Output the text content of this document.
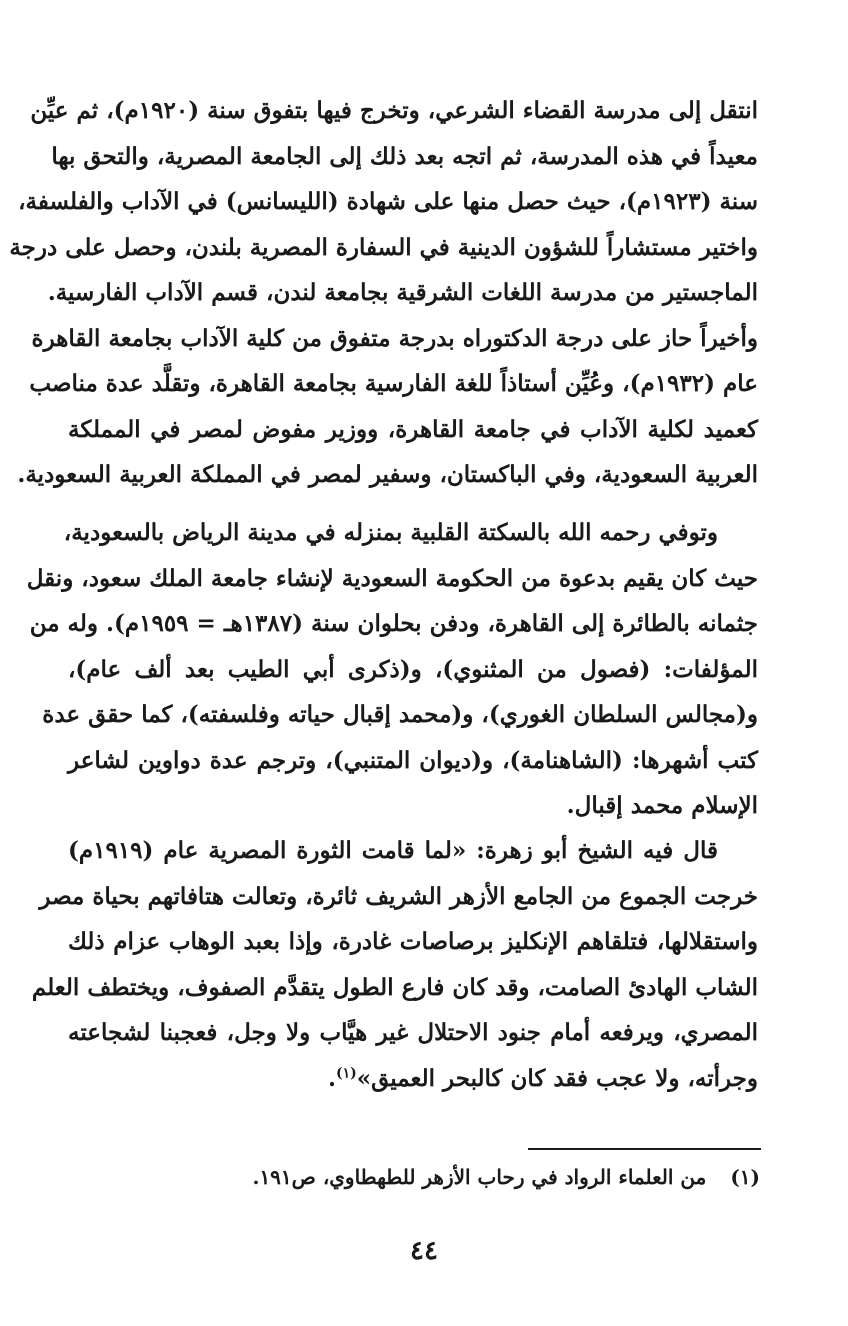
انتقل إلى مدرسة القضاء الشرعي، وتخرج فيها بتفوق سنة (١٩٢٠م)، ثم عيِّن
معيداً في هذه المدرسة، ثم اتجه بعد ذلك إلى الجامعة المصرية، والتحق بها
سنة (١٩٢٣م)، حيث حصل منها على شهادة (الليسانس) في الآداب والفلسفة،
واختير مستشاراً للشؤون الدينية في السفارة المصرية بلندن، وحصل على درجة
الماجستير من مدرسة اللغات الشرقية بجامعة لندن، قسم الآداب الفارسية.
وأخيراً حاز على درجة الدكتوراه بدرجة متفوق من كلية الآداب بجامعة القاهرة
عام (١٩٣٢م)، وعُيِّن أستاذاً للغة الفارسية بجامعة القاهرة، وتقلَّد عدة مناصب
كعميد لكلية الآداب في جامعة القاهرة، ووزير مفوض لمصر في المملكة
العربية السعودية، وفي الباكستان، وسفير لمصر في المملكة العربية السعودية.
وتوفي رحمه الله بالسكتة القلبية بمنزله في مدينة الرياض بالسعودية،
حيث كان يقيم بدعوة من الحكومة السعودية لإنشاء جامعة الملك سعود، ونقل
جثمانه بالطائرة إلى القاهرة، ودفن بحلوان سنة (١٣٨٧هـ = ١٩٥٩م). وله من
المؤلفات: (فصول من المثنوي)، و(ذكرى أبي الطيب بعد ألف عام)،
و(مجالس السلطان الغوري)، و(محمد إقبال حياته وفلسفته)، كما حقق عدة
كتب أشهرها: (الشاهنامة)، و(ديوان المتنبي)، وترجم عدة دواوين لشاعر
الإسلام محمد إقبال.
قال فيه الشيخ أبو زهرة: «لما قامت الثورة المصرية عام (١٩١٩م)
خرجت الجموع من الجامع الأزهر الشريف ثائرة، وتعالت هتافاتهم بحياة مصر
واستقلالها، فتلقاهم الإنكليز برصاصات غادرة، وإذا بعبد الوهاب عزام ذلك
الشاب الهادئ الصامت، وقد كان فارع الطول يتقدَّم الصفوف، ويختطف العلم
المصري، ويرفعه أمام جنود الاحتلال غير هيَّاب ولا وجل، فعجبنا لشجاعته
وجرأته، ولا عجب فقد كان كالبحر العميق»$^{(١)}$.
(١)من العلماء الرواد في رحاب الأزهر للطهطاوي، ص١٩١.
٤٤
